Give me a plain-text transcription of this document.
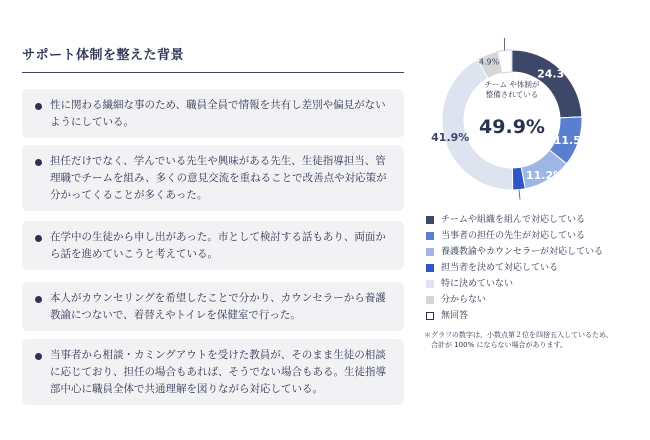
サポート体制を整えた背景
性に関わる繊細な事のため、職員全員で情報を共有し差別や偏見がないようにしている。
担任だけでなく、学んでいる先生や興味がある先生、生徒指導担当、管理職でチームを組み、多くの意見交流を重ねることで改善点や対応策が分かってくることが多くあった。
在学中の生徒から申し出があった。市として検討する話もあり、両面から話を進めていこうと考えている。
本人がカウンセリングを希望したことで分かり、カウンセラーから養護教諭につないで、着替えやトイレを保健室で行った。
当事者から相談・カミングアウトを受けた教員が、そのまま生徒の相談に応じており、担任の場合もあれば、そうでない場合もある。生徒指導部中心に職員全体で共通理解を図りながら対応している。
24.3%
11.5%
11.2%
41.9%
4.9%
チーム や体制が
整備されている
49.9%
チームや組織を組んで対応している
当事者の担任の先生が対応している
養護教諭やカウンセラーが対応している
担当者を決めて対応している
特に決めていない
分からない
無回答
＊グラフの数字は，小数点第２位を四捨五入しているため、
　合計が 100% にならない場合があります。
